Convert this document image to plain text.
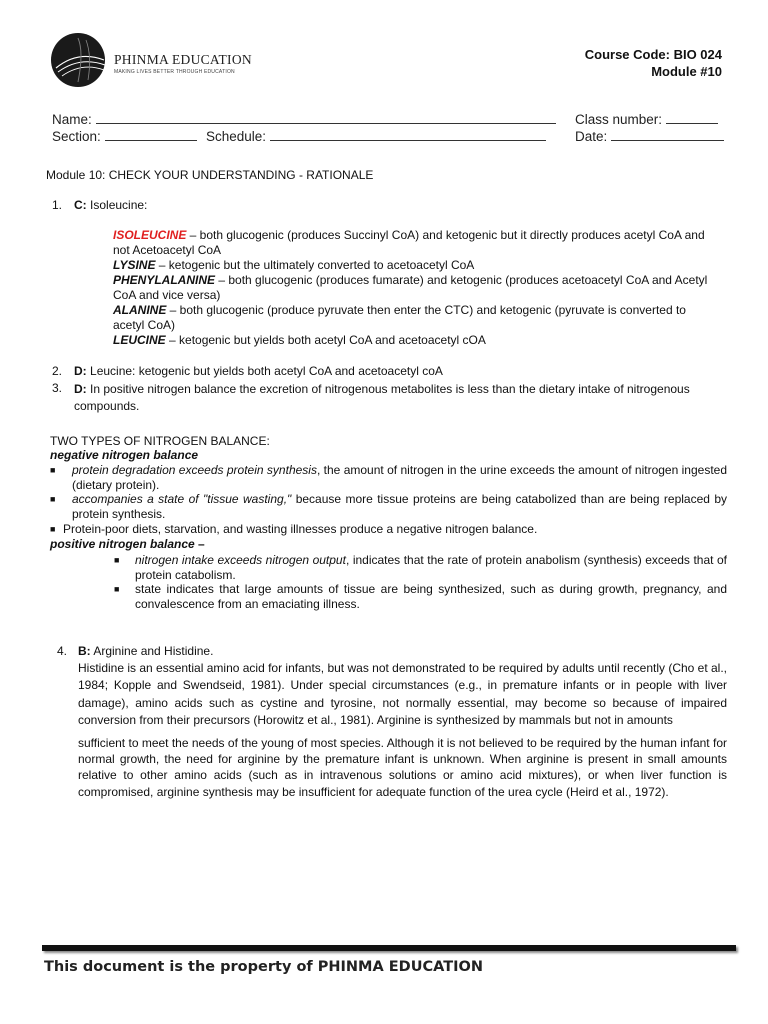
PHINMA EDUCATION
MAKING LIVES BETTER THROUGH EDUCATION
Course Code: BIO 024
Module #10
Name:	Class number:
Section:	Schedule:	Date:
Module 10: CHECK YOUR UNDERSTANDING - RATIONALE
1. C: Isoleucine:
ISOLEUCINE – both glucogenic (produces Succinyl CoA) and ketogenic but it directly produces acetyl CoA and not Acetoacetyl CoA
LYSINE – ketogenic but the ultimately converted to acetoacetyl CoA
PHENYLALANINE – both glucogenic (produces fumarate) and ketogenic (produces acetoacetyl CoA and Acetyl CoA and vice versa)
ALANINE – both glucogenic (produce pyruvate then enter the CTC) and ketogenic (pyruvate is converted to acetyl CoA)
LEUCINE – ketogenic but yields both acetyl CoA and acetoacetyl cOA
2. D: Leucine: ketogenic but yields both acetyl CoA and acetoacetyl coA
3. D: In positive nitrogen balance the excretion of nitrogenous metabolites is less than the dietary intake of nitrogenous compounds.
TWO TYPES OF NITROGEN BALANCE:
negative nitrogen balance
■ protein degradation exceeds protein synthesis, the amount of nitrogen in the urine exceeds the amount of nitrogen ingested (dietary protein).
■ accompanies a state of "tissue wasting," because more tissue proteins are being catabolized than are being replaced by protein synthesis.
■ Protein-poor diets, starvation, and wasting illnesses produce a negative nitrogen balance.
positive nitrogen balance –
■ nitrogen intake exceeds nitrogen output, indicates that the rate of protein anabolism (synthesis) exceeds that of protein catabolism.
■ state indicates that large amounts of tissue are being synthesized, such as during growth, pregnancy, and convalescence from an emaciating illness.
4. B: Arginine and Histidine.
Histidine is an essential amino acid for infants, but was not demonstrated to be required by adults until recently (Cho et al., 1984; Kopple and Swendseid, 1981). Under special circumstances (e.g., in premature infants or in people with liver damage), amino acids such as cystine and tyrosine, not normally essential, may become so because of impaired conversion from their precursors (Horowitz et al., 1981). Arginine is synthesized by mammals but not in amounts
sufficient to meet the needs of the young of most species. Although it is not believed to be required by the human infant for normal growth, the need for arginine by the premature infant is unknown. When arginine is present in small amounts relative to other amino acids (such as in intravenous solutions or amino acid mixtures), or when liver function is compromised, arginine synthesis may be insufficient for adequate function of the urea cycle (Heird et al., 1972).
This document is the property of PHINMA EDUCATION
